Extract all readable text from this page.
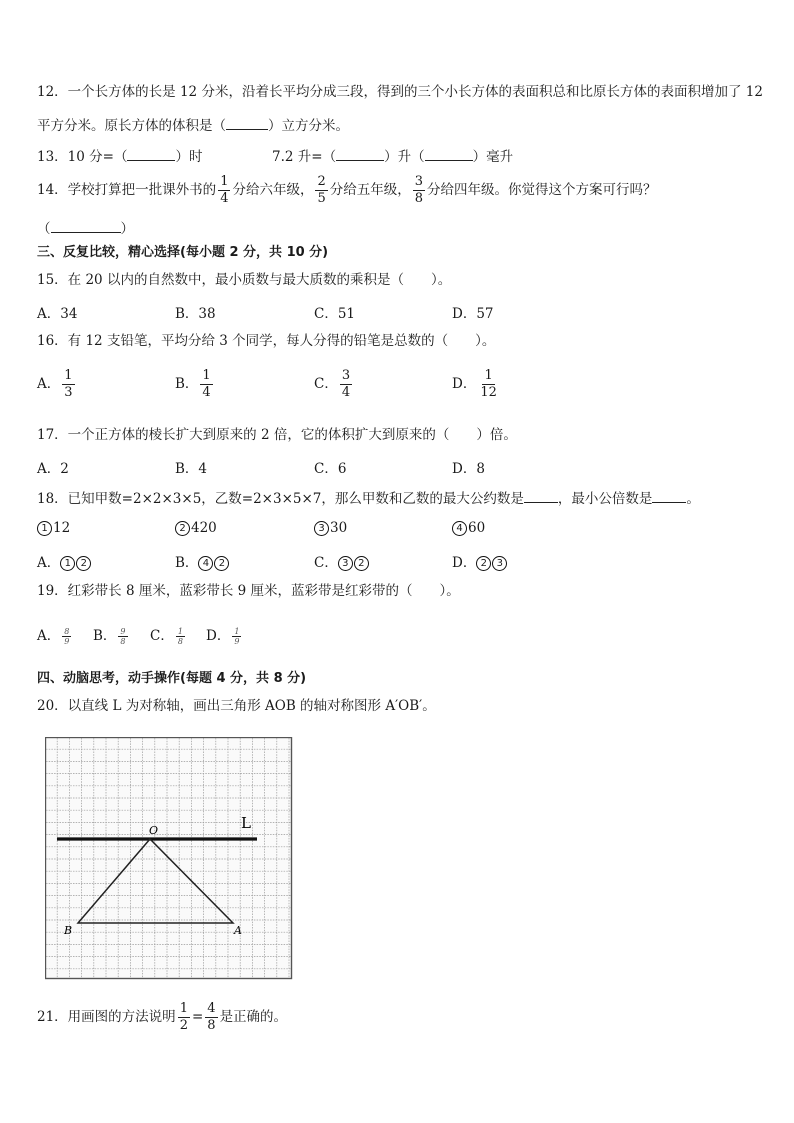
12．一个长方体的长是 12 分米，沿着长平均分成三段，得到的三个小长方体的表面积总和比原长方体的表面积增加了 12
平方分米。原长方体的体积是（	）立方分米。
13．10 分=（	）时	7.2 升=（	）升（	）毫升
14．学校打算把一批课外书的 $\frac{1}{4}$ 分给六年级， $\frac{2}{5}$ 分给五年级， $\frac{3}{8}$ 分给四年级。你觉得这个方案可行吗？
（	）
三、反复比较，精心选择(每小题 2 分，共 10 分)
15．在 20 以内的自然数中，最小质数与最大质数的乘积是（　　）。
A．34	B．38	C．51	D．57
16．有 12 支铅笔，平均分给 3 个同学，每人分得的铅笔是总数的（　　）。
A． $\frac{1}{3}$	B． $\frac{1}{4}$	C． $\frac{3}{4}$	D． $\frac{1}{12}$
17．一个正方体的棱长扩大到原来的 2 倍，它的体积扩大到原来的（　　）倍。
A．2	B．4	C．6	D．8
18．已知甲数=2×2×3×5，乙数=2×3×5×7，那么甲数和乙数的最大公约数是	，最小公倍数是	。
1 12	2 420	3 30	4 60
A． 1 2	B． 4 2	C． 3 2	D． 2 3
19．红彩带长 8 厘米，蓝彩带长 9 厘米，蓝彩带是红彩带的（　　）。
A． $\frac{8}{9}$ B． $\frac{9}{8}$ C． $\frac{1}{8}$ D． $\frac{1}{9}$
四、动脑思考，动手操作(每题 4 分，共 8 分)
20．以直线 L 为对称轴，画出三角形 AOB 的轴对称图形 A′OB′。
O	L
B	A
21．用画图的方法说明 $\frac{1}{2} = \frac{4}{8}$ 是正确的。
